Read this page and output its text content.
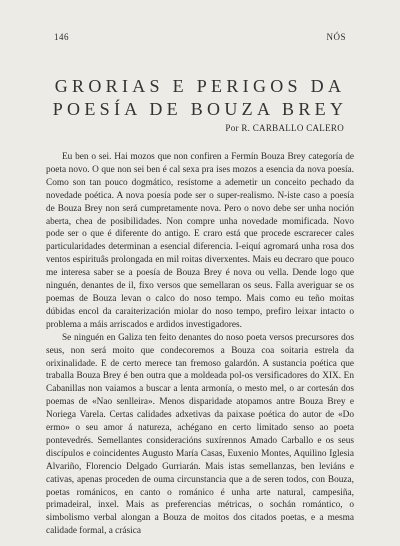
146	NÓS
GRORIAS E PERIGOS DA
POESÍA DE BOUZA BREY
Por R. CARBALLO CALERO

Eu ben o sei. Hai mozos que non confiren a Fermín Bouza Brey categoría de poeta novo. O que non sei ben é cal sexa pra ises mozos a esencia da nova poesía. Como son tan pouco dogmático, resístome a ademetir un conceito pechado da novedade poética. A nova poesía pode ser o super-realismo. N-iste caso a poesía de Bouza Brey non será cumpretamente nova. Pero o novo debe ser unha noción aberta, chea de posibilidades. Non compre unha novedade momificada. Novo pode ser o que é diferente do antigo. E craro está que procede escrarecer cales particularidades determinan a esencial diferencia. I-eiquí agromará unha rosa dos ventos espirituâs prolongada en mil roitas diverxentes. Mais eu decraro que pouco me interesa saber se a poesía de Bouza Brey é nova ou vella. Dende logo que ninguén, denantes de il, fixo versos que semellaran os seus. Falla averiguar se os poemas de Bouza levan o calco do noso tempo. Mais como eu teño moitas dúbidas encol da caraiterización miolar do noso tempo, prefiro leixar intacto o problema a máis arriscados e ardidos investigadores.

Se ninguén en Galiza ten feito denantes do noso poeta versos precursores dos seus, non será moito que condecoremos a Bouza coa soitaria estrela da orixinalidade. E de certo merece tan fremoso galardón. A sustancia poética que traballa Bouza Brey é ben outra que a moldeada pol-os versificadores do XIX. En Cabanillas non vaiamos a buscar a lenta armonía, o mesto mel, o ar cortesán dos poemas de «Nao senlleira». Menos disparidade atopamos antre Bouza Brey e Noriega Varela. Certas calidades adxetivas da paixase poética do autor de «Do ermo» o seu amor á natureza, achégano en certo limitado senso ao poeta pontevedrés. Semellantes consideracións suxírennos Amado Carballo e os seus discípulos e coincidentes Augusto María Casas, Euxenio Montes, Aquilino Iglesia Alvariño, Florencio Delgado Gurriarán. Mais istas semellanzas, ben leviáns e cativas, apenas proceden de ouma circunstancia que a de seren todos, con Bouza, poetas románicos, en canto o románico é unha arte natural, campesiña, primadeiral, inxel. Mais as preferencias métricas, o sochán romántico, o simbolismo verbal alongan a Bouza de moitos dos citados poetas, e a mesma calidade formal, a crásica
